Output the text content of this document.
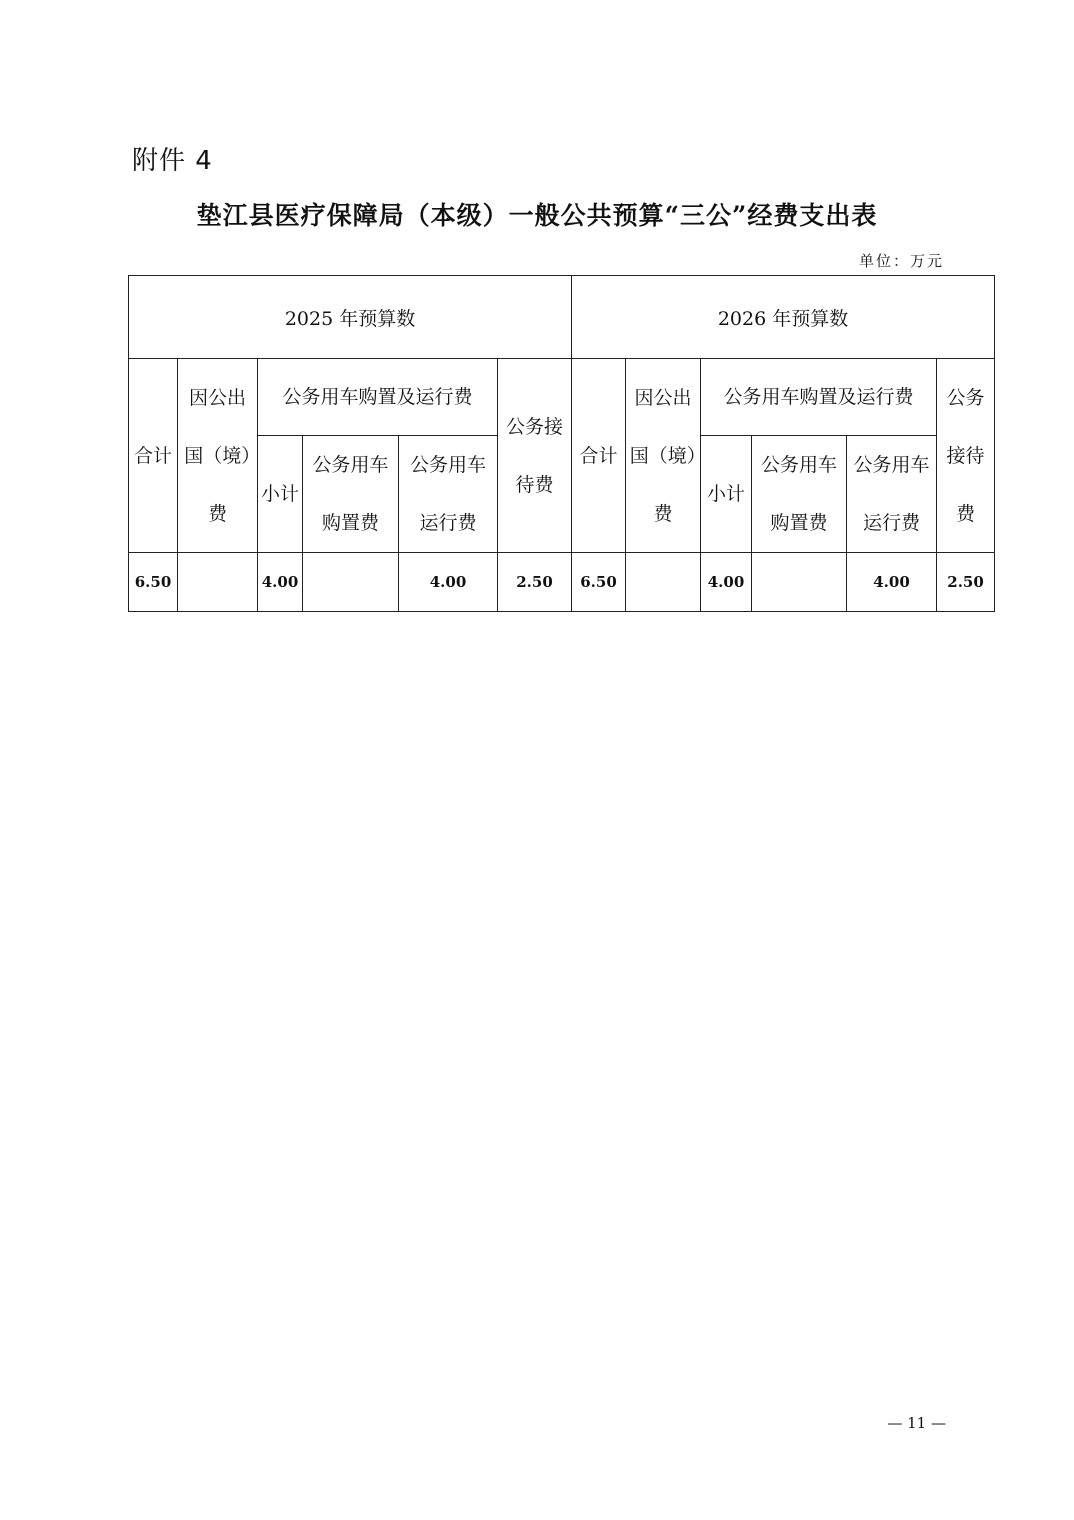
附件 4
垫江县医疗保障局（本级）一般公共预算“三公”经费支出表
单位：万元
2025 年预算数						2026 年预算数					
合计	因公出国（境）费	公务用车购置及运行费			公务接待费	合计	因公出国（境）费	公务用车购置及运行费			公务接待费
		小计	公务用车购置费	公务用车运行费				小计	公务用车购置费	公务用车运行费	
6.50		4.00		4.00	2.50	6.50		4.00		4.00	2.50
— 11 —
